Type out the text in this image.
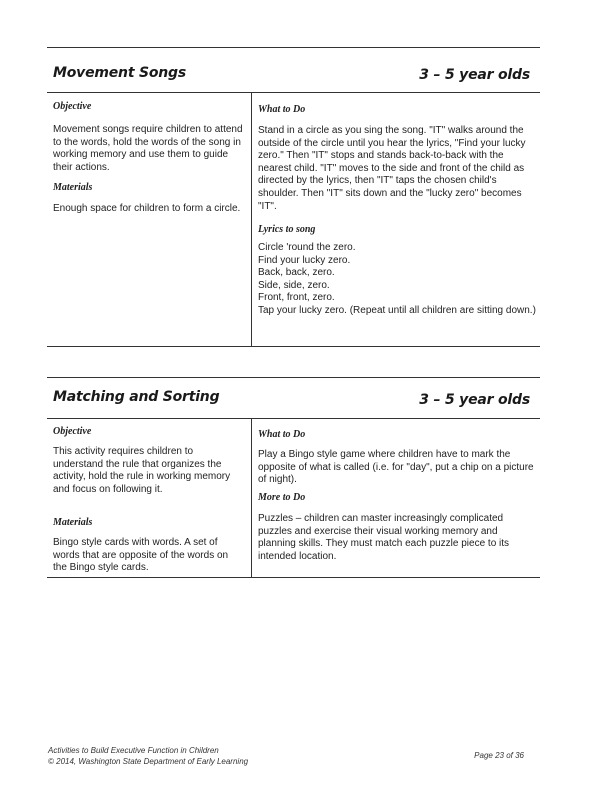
Movement Songs	3 – 5 year olds
Objective
Movement songs require children to attend to the words, hold the words of the song in working memory and use them to guide their actions.
Materials
Enough space for children to form a circle.
What to Do
Stand in a circle as you sing the song. "IT" walks around the outside of the circle until you hear the lyrics, "Find your lucky zero." Then "IT" stops and stands back-to-back with the nearest child. "IT" moves to the side and front of the child as directed by the lyrics, then "IT" taps the chosen child's shoulder. Then "IT" sits down and the "lucky zero" becomes "IT".
Lyrics to song
Circle 'round the zero.
Find your lucky zero.
Back, back, zero.
Side, side, zero.
Front, front, zero.
Tap your lucky zero. (Repeat until all children are sitting down.)
Matching and Sorting	3 – 5 year olds
Objective
This activity requires children to understand the rule that organizes the activity, hold the rule in working memory and focus on following it.
Materials
Bingo style cards with words. A set of words that are opposite of the words on the Bingo style cards.
What to Do
Play a Bingo style game where children have to mark the opposite of what is called (i.e. for "day", put a chip on a picture of night).
More to Do
Puzzles – children can master increasingly complicated puzzles and exercise their visual working memory and planning skills. They must match each puzzle piece to its intended location.
Activities to Build Executive Function in Children
© 2014, Washington State Department of Early Learning
Page 23 of 36
